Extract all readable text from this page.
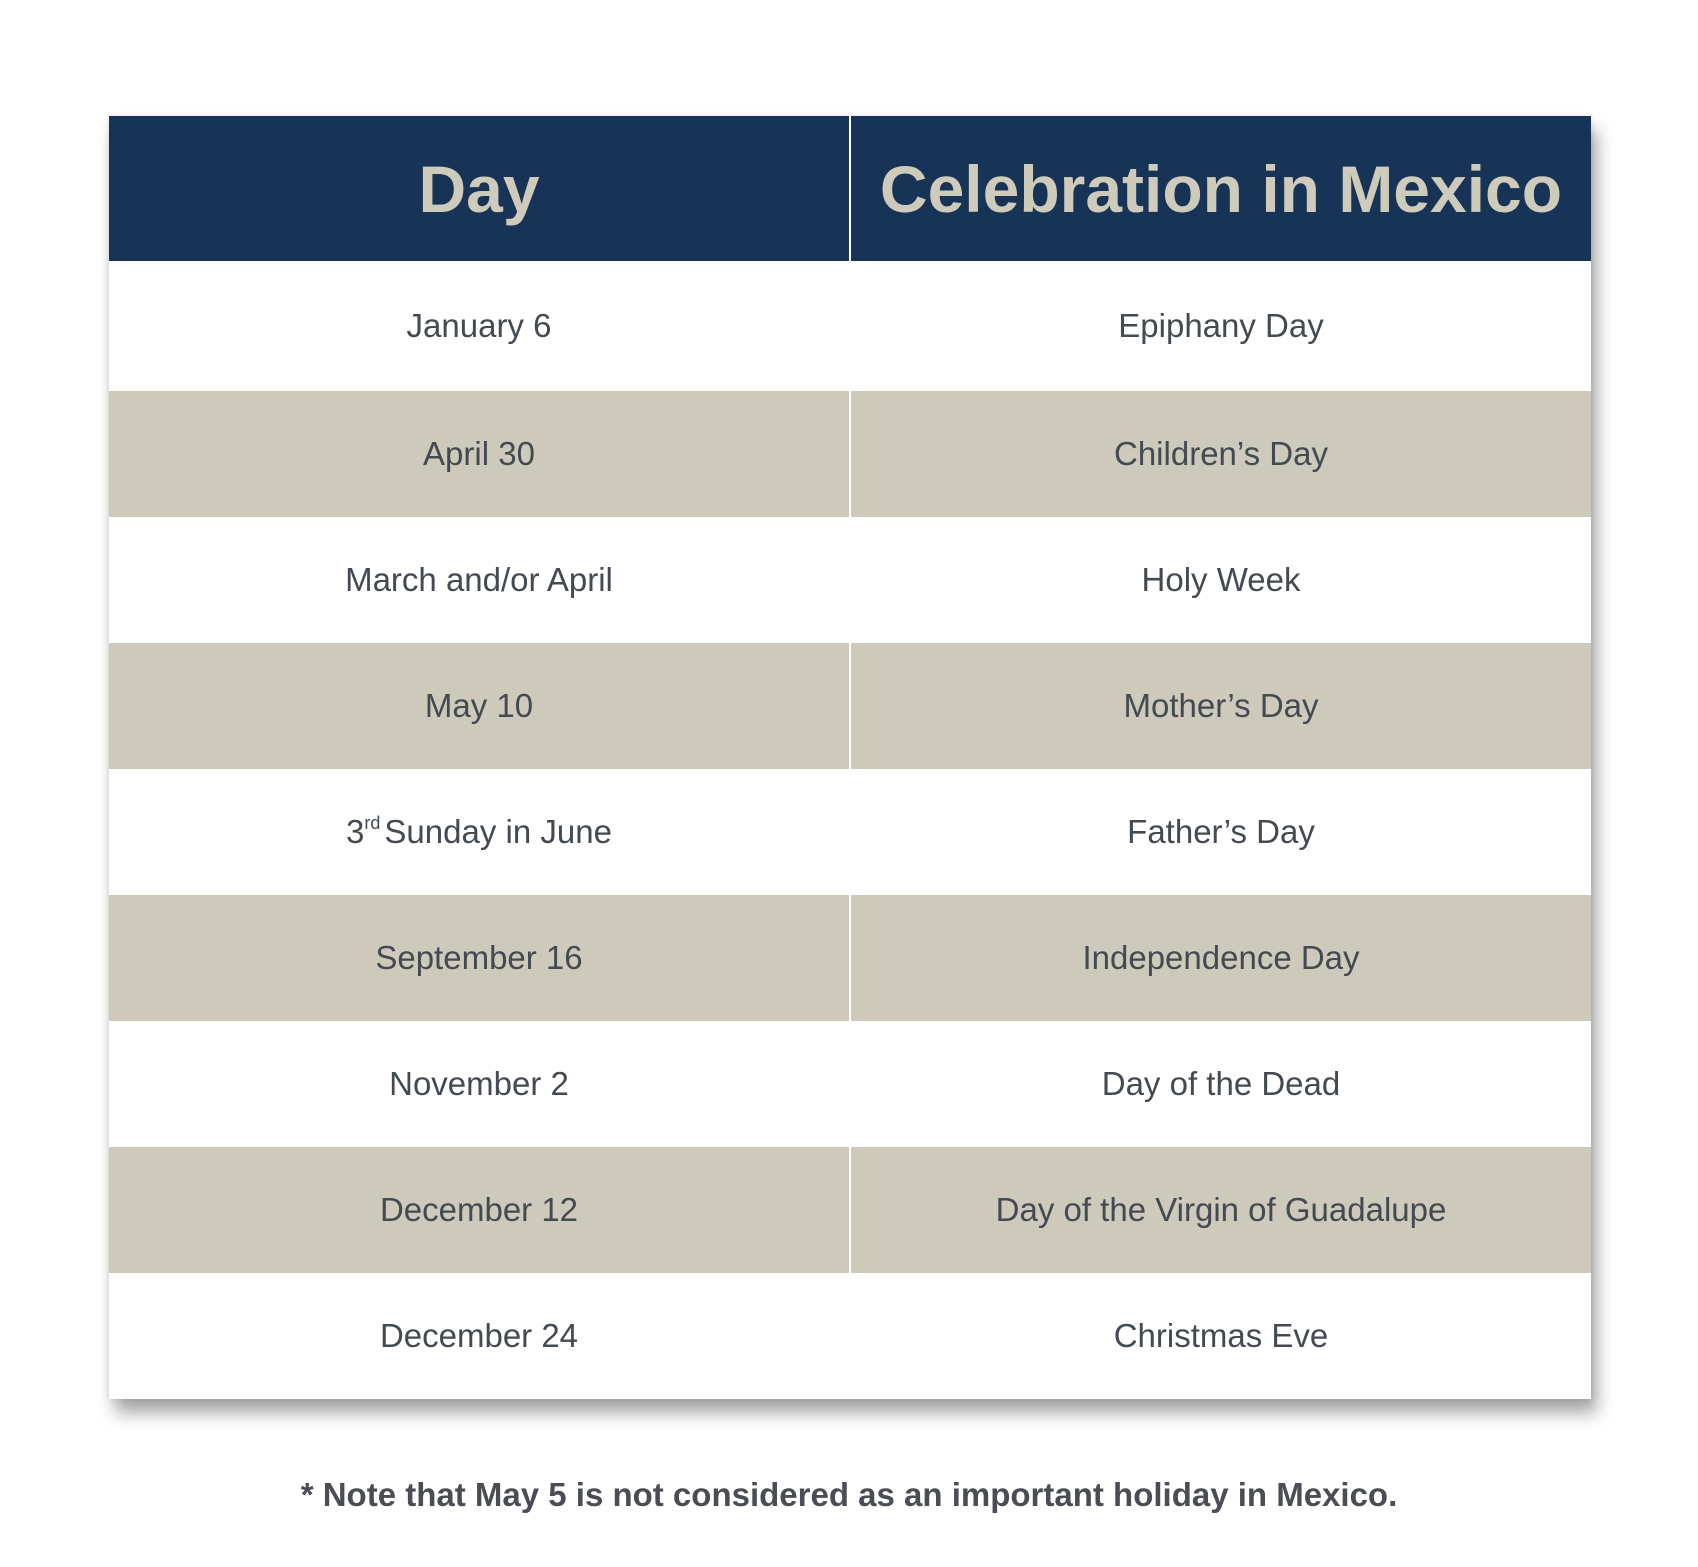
Day	Celebration in Mexico
January 6	Epiphany Day
April 30	Children’s Day
March and/or April	Holy Week
May 10	Mother’s Day
3rd Sunday in June	Father’s Day
September 16	Independence Day
November 2	Day of the Dead
December 12	Day of the Virgin of Guadalupe
December 24	Christmas Eve
* Note that May 5 is not considered as an important holiday in Mexico.
